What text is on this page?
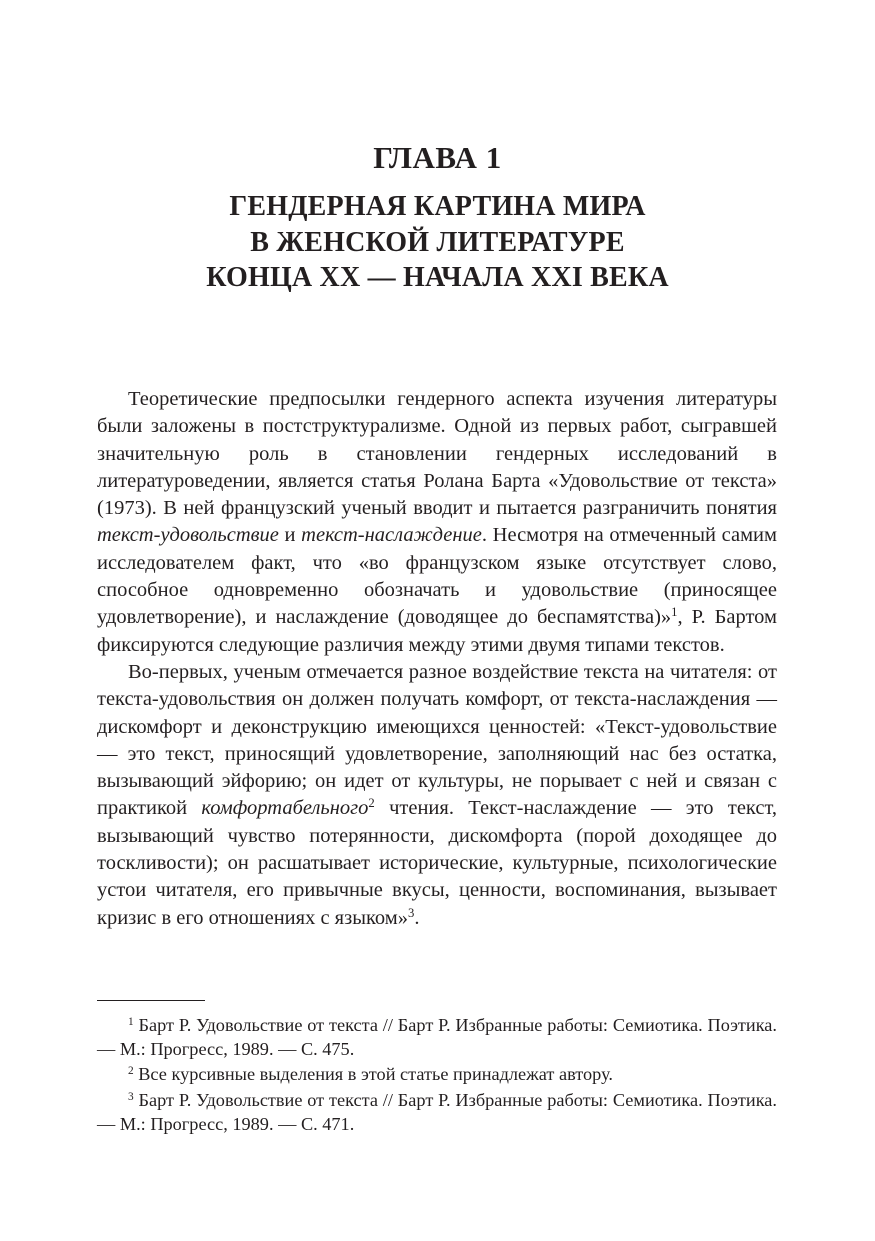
ГЛАВА 1
ГЕНДЕРНАЯ КАРТИНА МИРА
В ЖЕНСКОЙ ЛИТЕРАТУРЕ
КОНЦА XX — НАЧАЛА XXI ВЕКА

Теоретические предпосылки гендерного аспекта изучения литературы были заложены в постструктурализме. Одной из первых работ, сыгравшей значительную роль в становлении гендерных исследований в литературоведении, является статья Ролана Барта «Удовольствие от текста» (1973). В ней французский ученый вводит и пытается разграничить понятия текст-удовольствие и текст-наслаждение. Несмотря на отмеченный самим исследователем факт, что «во французском языке отсутствует слово, способное одновременно обозначать и удовольствие (приносящее удовлетворение), и наслаждение (доводящее до беспамятства)»$^1$, Р. Бартом фиксируются следующие различия между этими двумя типами текстов.

Во-первых, ученым отмечается разное воздействие текста на читателя: от текста-удовольствия он должен получать комфорт, от текста-наслаждения — дискомфорт и деконструкцию имеющихся ценностей: «Текст-удовольствие — это текст, приносящий удовлетворение, заполняющий нас без остатка, вызывающий эйфорию; он идет от культуры, не порывает с ней и связан с практикой комфортабельного$^2$ чтения. Текст-наслаждение — это текст, вызывающий чувство потерянности, дискомфорта (порой доходящее до тоскливости); он расшатывает исторические, культурные, психологические устои читателя, его привычные вкусы, ценности, воспоминания, вызывает кризис в его отношениях с языком»$^3$.

$^1$ Барт Р. Удовольствие от текста // Барт Р. Избранные работы: Семиотика. Поэтика. — М.: Прогресс, 1989. — С. 475.

$^2$ Все курсивные выделения в этой статье принадлежат автору.

$^3$ Барт Р. Удовольствие от текста // Барт Р. Избранные работы: Семиотика. Поэтика. — М.: Прогресс, 1989. — С. 471.
